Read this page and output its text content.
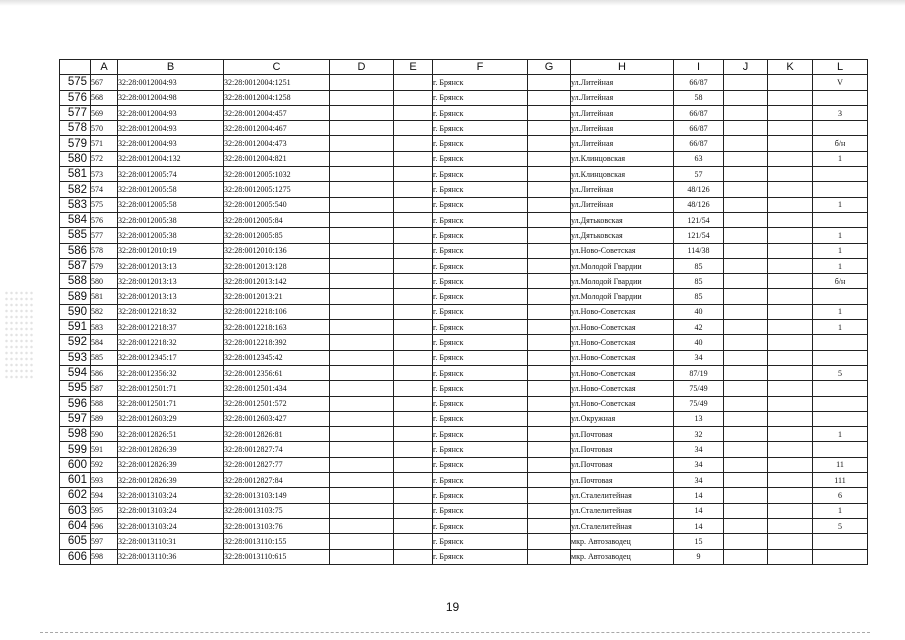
	A	B	C	D	E	F	G	H	I	J	K	L
575	567	32:28:0012004:93	32:28:0012004:1251			г. Брянск		ул.Литейная	66/87			V
576	568	32:28:0012004:98	32:28:0012004:1258			г. Брянск		ул.Литейная	58			
577	569	32:28:0012004:93	32:28:0012004:457			г. Брянск		ул.Литейная	66/87			3
578	570	32:28:0012004:93	32:28:0012004:467			г. Брянск		ул.Литейная	66/87			
579	571	32:28:0012004:93	32:28:0012004:473			г. Брянск		ул.Литейная	66/87			б/н
580	572	32:28:0012004:132	32:28:0012004:821			г. Брянск		ул.Клинцовская	63			1
581	573	32:28:0012005:74	32:28:0012005:1032			г. Брянск		ул.Клинцовская	57			
582	574	32:28:0012005:58	32:28:0012005:1275			г. Брянск		ул.Литейная	48/126			
583	575	32:28:0012005:58	32:28:0012005:540			г. Брянск		ул.Литейная	48/126			1
584	576	32:28:0012005:38	32:28:0012005:84			г. Брянск		ул.Дятьковская	121/54			
585	577	32:28:0012005:38	32:28:0012005:85			г. Брянск		ул.Дятьковская	121/54			1
586	578	32:28:0012010:19	32:28:0012010:136			г. Брянск		ул.Ново-Советская	114/38			1
587	579	32:28:0012013:13	32:28:0012013:128			г. Брянск		ул.Молодой Гвардии	85			1
588	580	32:28:0012013:13	32:28:0012013:142			г. Брянск		ул.Молодой Гвардии	85			б/н
589	581	32:28:0012013:13	32:28:0012013:21			г. Брянск		ул.Молодой Гвардии	85			
590	582	32:28:0012218:32	32:28:0012218:106			г. Брянск		ул.Ново-Советская	40			1
591	583	32:28:0012218:37	32:28:0012218:163			г. Брянск		ул.Ново-Советская	42			1
592	584	32:28:0012218:32	32:28:0012218:392			г. Брянск		ул.Ново-Советская	40			
593	585	32:28:0012345:17	32:28:0012345:42			г. Брянск		ул.Ново-Советская	34			
594	586	32:28:0012356:32	32:28:0012356:61			г. Брянск		ул.Ново-Советская	87/19			5
595	587	32:28:0012501:71	32:28:0012501:434			г. Брянск		ул.Ново-Советская	75/49			
596	588	32:28:0012501:71	32:28:0012501:572			г. Брянск		ул.Ново-Советская	75/49			
597	589	32:28:0012603:29	32:28:0012603:427			г. Брянск		ул.Окружная	13			
598	590	32:28:0012826:51	32:28:0012826:81			г. Брянск		ул.Почтовая	32			1
599	591	32:28:0012826:39	32:28:0012827:74			г. Брянск		ул.Почтовая	34			
600	592	32:28:0012826:39	32:28:0012827:77			г. Брянск		ул.Почтовая	34			11
601	593	32:28:0012826:39	32:28:0012827:84			г. Брянск		ул.Почтовая	34			111
602	594	32:28:0013103:24	32:28:0013103:149			г. Брянск		ул.Сталелитейная	14			6
603	595	32:28:0013103:24	32:28:0013103:75			г. Брянск		ул.Сталелитейная	14			1
604	596	32:28:0013103:24	32:28:0013103:76			г. Брянск		ул.Сталелитейная	14			5
605	597	32:28:0013110:31	32:28:0013110:155			г. Брянск		мкр. Автозаводец	15			
606	598	32:28:0013110:36	32:28:0013110:615			г. Брянск		мкр. Автозаводец	9			
19
